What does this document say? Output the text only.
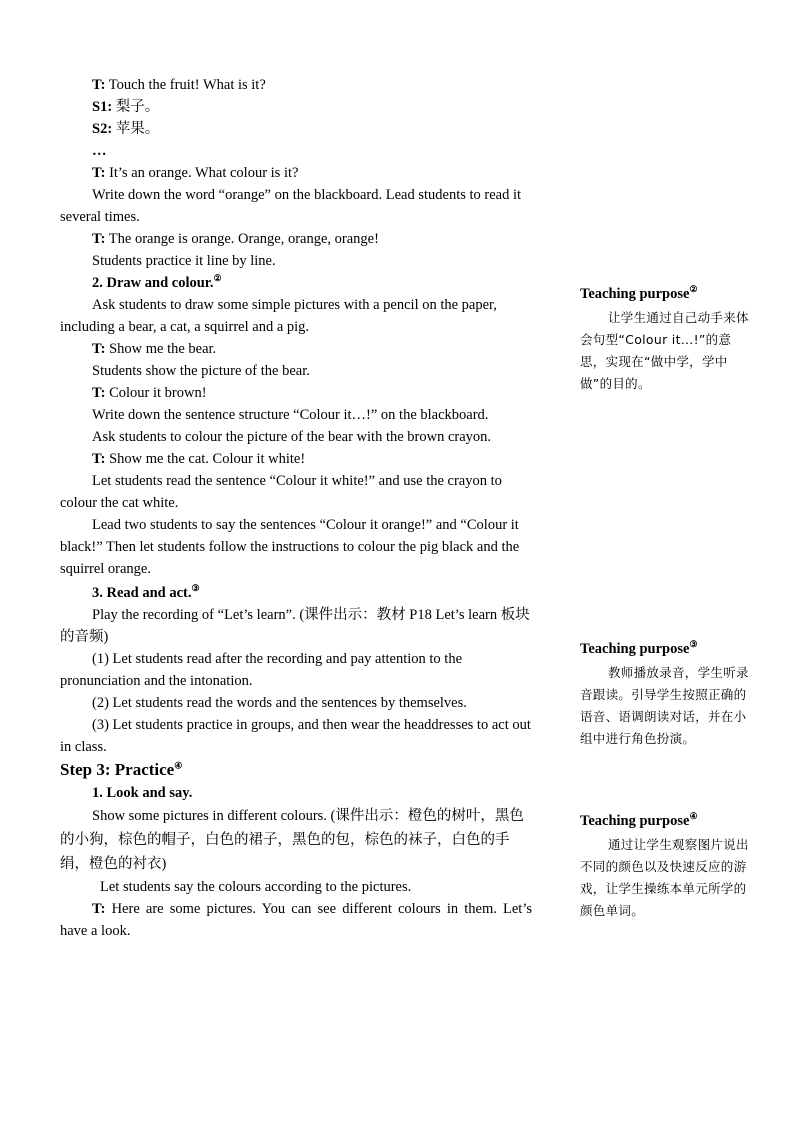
T: Touch the fruit! What is it?

S1: 梨子。

S2: 苹果。

…

T: It’s an orange. What colour is it?

Write down the word “orange” on the blackboard. Lead students to read it several times.

T: The orange is orange. Orange, orange, orange!

Students practice it line by line.

2. Draw and colour.②

Ask students to draw some simple pictures with a pencil on the paper, including a bear, a cat, a squirrel and a pig.

T: Show me the bear.

Students show the picture of the bear.

T: Colour it brown!

Write down the sentence structure “Colour it…!” on the blackboard.

Ask students to colour the picture of the bear with the brown crayon.

T: Show me the cat. Colour it white!

Let students read the sentence “Colour it white!” and use the crayon to colour the cat white.

Lead two students to say the sentences “Colour it orange!” and “Colour it black!” Then let students follow the instructions to colour the pig black and the squirrel orange.

3. Read and act.③

Play the recording of “Let’s learn”. (课件出示：教材 P18 Let’s learn 板块的音频)

(1) Let students read after the recording and pay attention to the pronunciation and the intonation.

(2) Let students read the words and the sentences by themselves.

(3) Let students practice in groups, and then wear the headdresses to act out in class.

Step 3: Practice④

1. Look and say.

Show some pictures in different colours. (课件出示：橙色的树叶，黑色的小狗，棕色的帽子，白色的裙子，黑色的包，棕色的袜子，白色的手绢，橙色的衬衣)

Let students say the colours according to the pictures.

T: Here are some pictures. You can see different colours in them. Let’s have a look.

Teaching purpose②
让学生通过自己动手来体会句型“Colour it…!”的意思，实现在“做中学，学中做”的目的。
Teaching purpose③
教师播放录音，学生听录音跟读。引导学生按照正确的语音、语调朗读对话，并在小组中进行角色扮演。
Teaching purpose④
通过让学生观察图片说出不同的颜色以及快速反应的游戏，让学生操练本单元所学的颜色单词。
